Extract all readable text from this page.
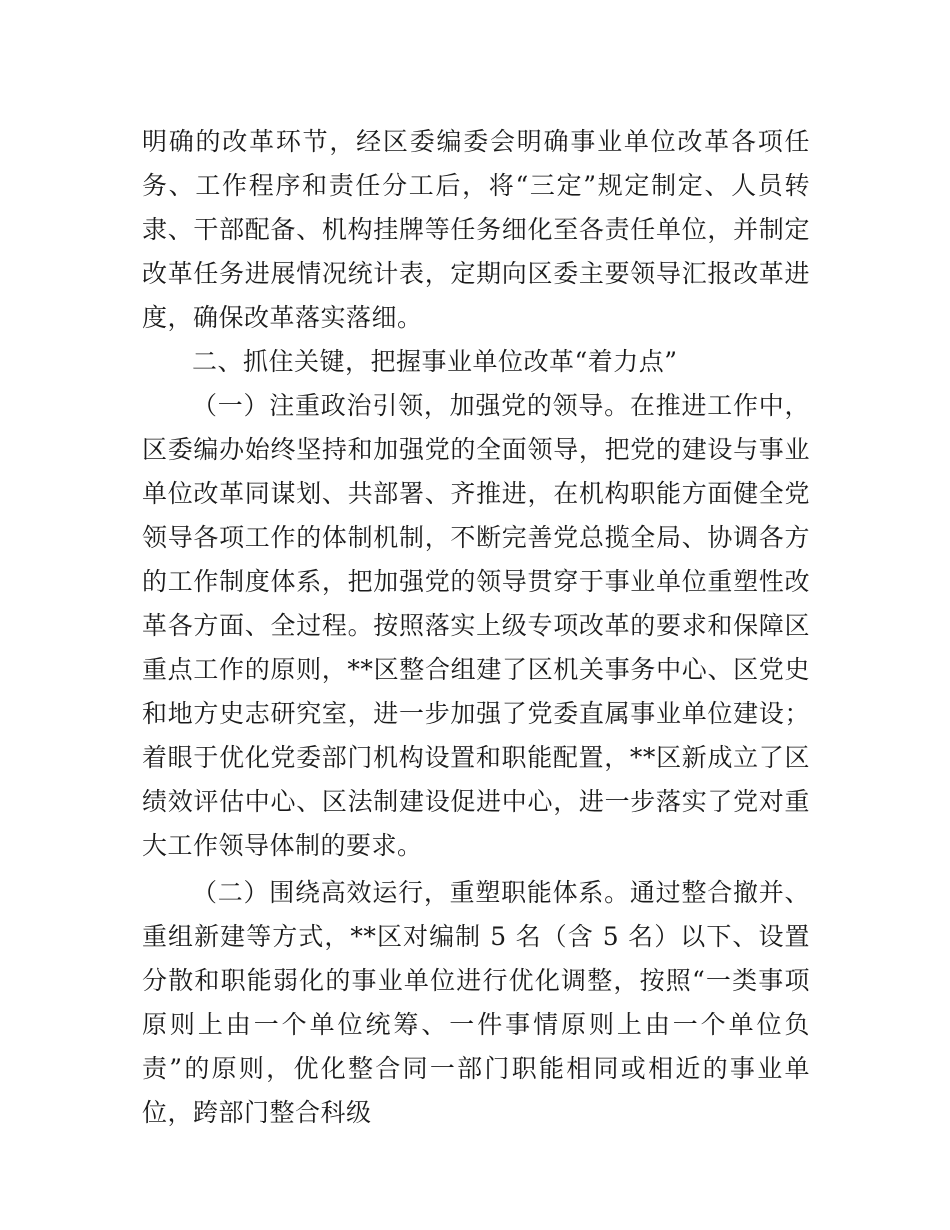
明确的改革环节，经区委编委会明确事业单位改革各项任务、工作程序和责任分工后，将“三定”规定制定、人员转隶、干部配备、机构挂牌等任务细化至各责任单位，并制定改革任务进展情况统计表，定期向区委主要领导汇报改革进度，确保改革落实落细。

二、抓住关键，把握事业单位改革“着力点”

（一）注重政治引领，加强党的领导。在推进工作中，区委编办始终坚持和加强党的全面领导，把党的建设与事业单位改革同谋划、共部署、齐推进，在机构职能方面健全党领导各项工作的体制机制，不断完善党总揽全局、协调各方的工作制度体系，把加强党的领导贯穿于事业单位重塑性改革各方面、全过程。按照落实上级专项改革的要求和保障区重点工作的原则，**区整合组建了区机关事务中心、区党史和地方史志研究室，进一步加强了党委直属事业单位建设；着眼于优化党委部门机构设置和职能配置，**区新成立了区绩效评估中心、区法制建设促进中心，进一步落实了党对重大工作领导体制的要求。

（二）围绕高效运行，重塑职能体系。通过整合撤并、重组新建等方式，**区对编制 5 名（含 5 名）以下、设置分散和职能弱化的事业单位进行优化调整，按照“一类事项原则上由一个单位统筹、一件事情原则上由一个单位负责”的原则，优化整合同一部门职能相同或相近的事业单位，跨部门整合科级
